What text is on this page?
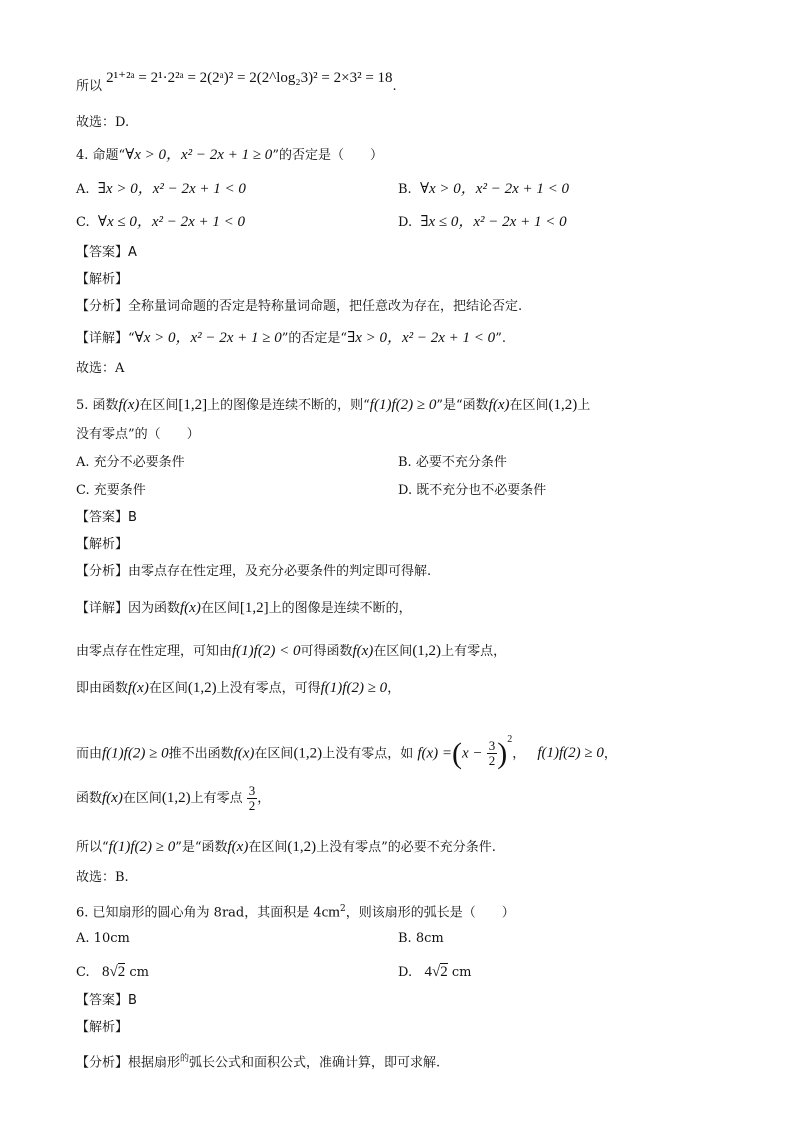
所以 2¹⁺²ᵃ = 2¹·2²ᵃ = 2(2ᵃ)² = 2(2^log₂3)² = 2×3² = 18.
故选：D.
4. 命题“∀x > 0，x² − 2x + 1 ≥ 0”的否定是（　　）
A. ∃x > 0，x² − 2x + 1 < 0	B. ∀x > 0，x² − 2x + 1 < 0
C. ∀x ≤ 0，x² − 2x + 1 < 0	D. ∃x ≤ 0，x² − 2x + 1 < 0
【答案】A
【解析】
【分析】全称量词命题的否定是特称量词命题，把任意改为存在，把结论否定.
【详解】“∀x > 0，x² − 2x + 1 ≥ 0”的否定是“∃x > 0，x² − 2x + 1 < 0”.
故选：A
5. 函数f(x)在区间[1,2]上的图像是连续不断的，则“f(1)f(2) ≥ 0”是“函数f(x)在区间(1,2)上
没有零点”的（　　）
A. 充分不必要条件	B. 必要不充分条件
C. 充要条件	D. 既不充分也不必要条件
【答案】B
【解析】
【分析】由零点存在性定理，及充分必要条件的判定即可得解.
【详解】因为函数f(x)在区间[1,2]上的图像是连续不断的，
由零点存在性定理，可知由f(1)f(2) < 0可得函数f(x)在区间(1,2)上有零点，
即由函数f(x)在区间(1,2)上没有零点，可得f(1)f(2) ≥ 0，
而由f(1)f(2) ≥ 0推不出函数f(x)在区间(1,2)上没有零点，如 $f(x) =(x - \frac{3}{2} )^2$， f(1)f(2) ≥ 0，
函数f(x)在区间(1,2)上有零点 $\frac{3}{2}$ ，
所以“f(1)f(2) ≥ 0”是“函数f(x)在区间(1,2)上没有零点”的必要不充分条件.
故选：B.
6. 已知扇形的圆心角为 8rad，其面积是 $4cm^2$，则该扇形的弧长是（　　）
A. 10cm	B. 8cm
C. 8√2 cm	D. 4√2 cm
【答案】B
【解析】
【分析】根据扇形$^的$弧长公式和面积公式，准确计算，即可求解.
